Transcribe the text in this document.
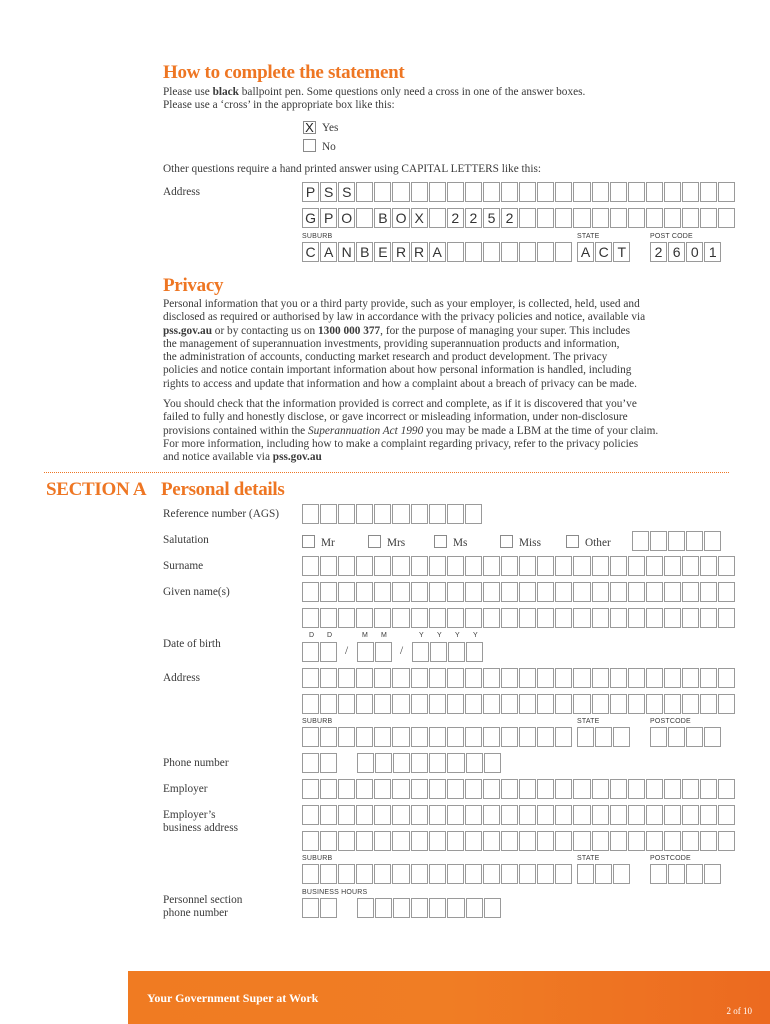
How to complete the statement
Please use black ballpoint pen. Some questions only need a cross in one of the answer boxes.
Please use a ‘cross’ in the appropriate box like this:
X Yes
No
Other questions require a hand printed answer using CAPITAL LETTERS like this:
Address	P S S
G P O B O X	2 2 5 2
SUBURB	STATE	POST CODE
C A N B E R R A	A C T	2 6 0 1
Privacy
Personal information that you or a third party provide, such as your employer, is collected, held, used and
disclosed as required or authorised by law in accordance with the privacy policies and notice, available via
pss.gov.au or by contacting us on 1300 000 377, for the purpose of managing your super. This includes
the management of superannuation investments, providing superannuation products and information,
the administration of accounts, conducting market research and product development. The privacy
policies and notice contain important information about how personal information is handled, including
rights to access and update that information and how a complaint about a breach of privacy can be made.
You should check that the information provided is correct and complete, as if it is discovered that you’ve
failed to fully and honestly disclose, or gave incorrect or misleading information, under non-disclosure
provisions contained within the Superannuation Act 1990 you may be made a LBM at the time of your claim.
For more information, including how to make a complaint regarding privacy, refer to the privacy policies
and notice available via pss.gov.au
SECTION A Personal details
Reference number (AGS)
Salutation	Mr	Mrs	Ms	Miss	Other
Surname
Given name(s)
D D	M M	Y Y Y Y
Date of birth
/	/
Address
SUBURB	STATE	POSTCODE
Phone number
Employer
Employer’s
business address
SUBURB	STATE	POSTCODE
BUSINESS HOURS
Personnel section
phone number
Your Government Super at Work
2 of 10
